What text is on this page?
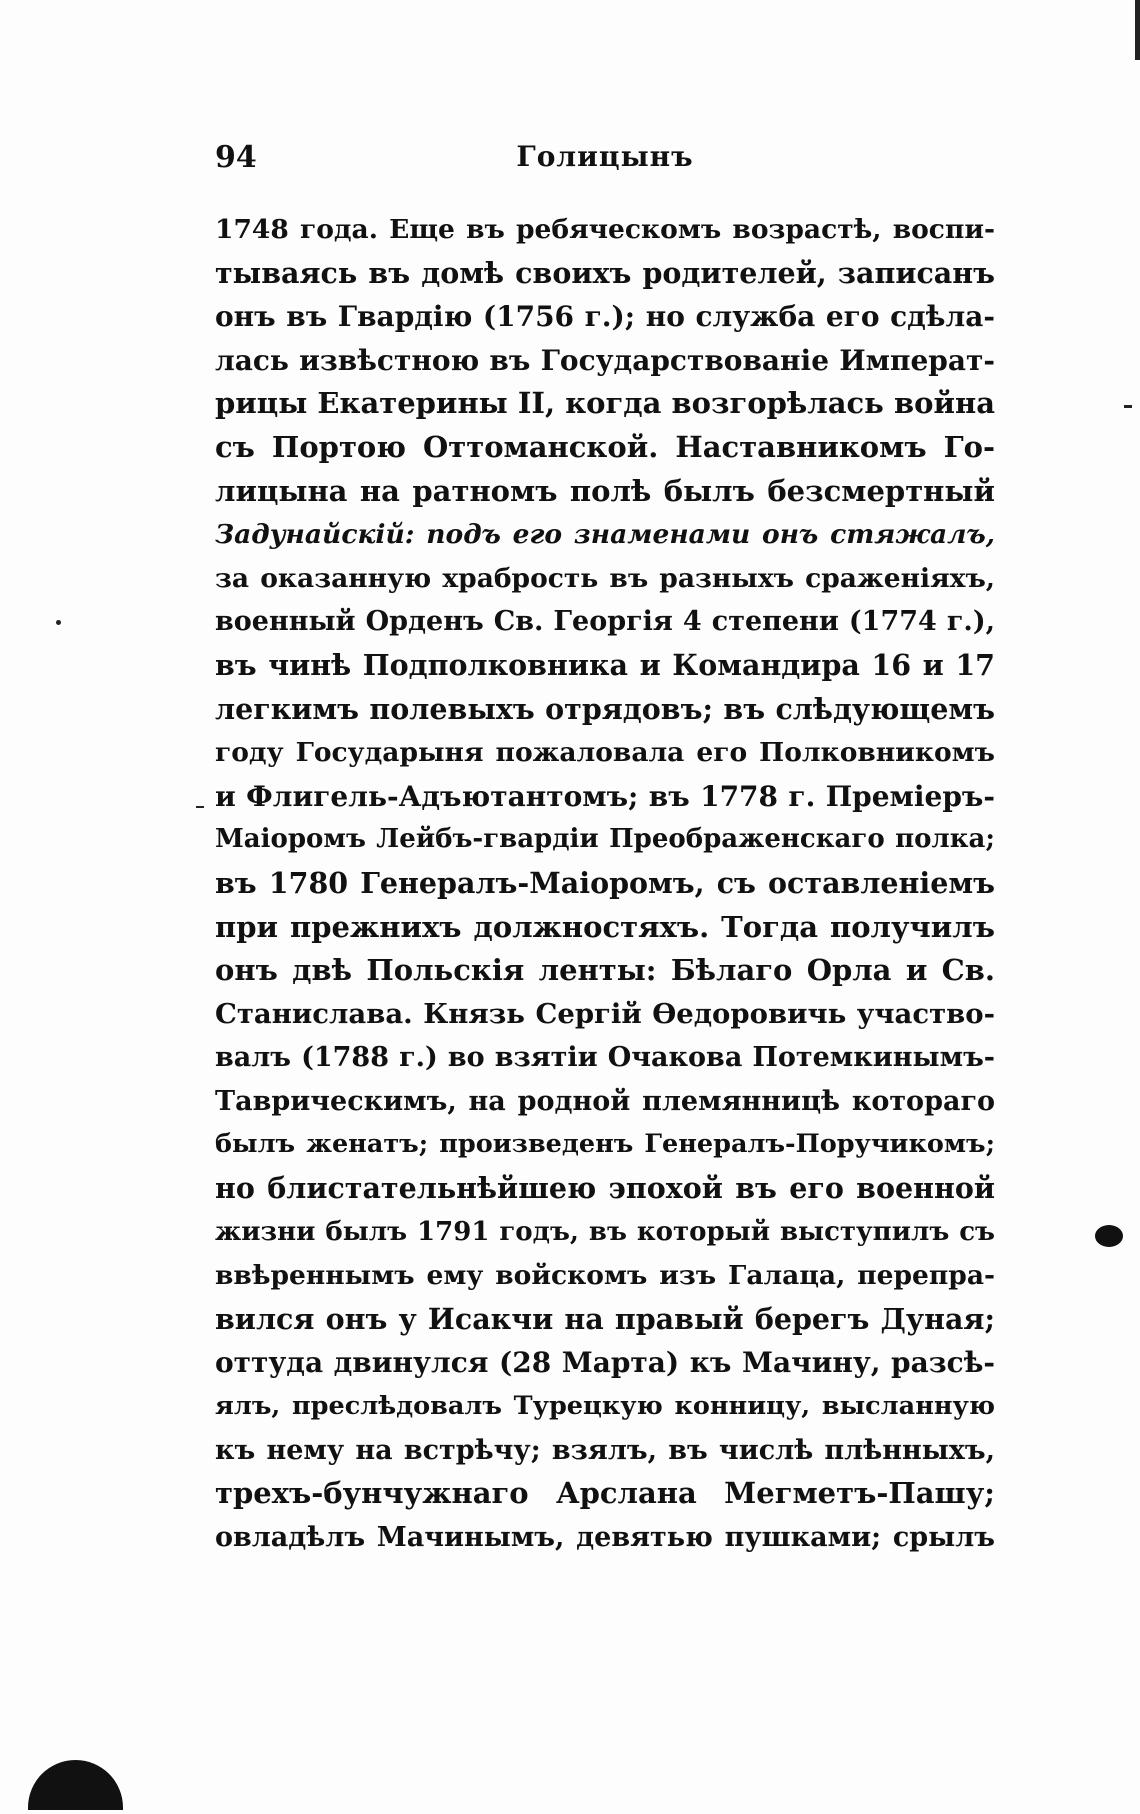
94	Голицынъ
1748 года. Еще въ ребяческомъ возрастѣ, воспи-
тываясь въ домѣ своихъ родителей, записанъ
онъ въ Гвардію (1756 г.); но служба его сдѣла-
лась извѣстною въ Государствованіе Императ-
рицы Екатерины II, когда возгорѣлась война
съ Портою Оттоманской. Наставникомъ Го-
лицына на ратномъ полѣ былъ безсмертный
Задунайскій: подъ его знаменами онъ стяжалъ,
за оказанную храбрость въ разныхъ сраженіяхъ,
военный Орденъ Св. Георгія 4 степени (1774 г.),
въ чинѣ Подполковника и Командира 16 и 17
легкимъ полевыхъ отрядовъ; въ слѣдующемъ
году Государыня пожаловала его Полковникомъ
и Флигель-Адъютантомъ; въ 1778 г. Премiеръ-
Маіоромъ Лейбъ-гвардіи Преображенскаго полка;
въ 1780 Генералъ-Маіоромъ, съ оставленіемъ
при прежнихъ должностяхъ. Тогда получилъ
онъ двѣ Польскія ленты: Бѣлаго Орла и Св.
Станислава. Князь Сергій Ѳедоровичь участво-
валъ (1788 г.) во взятіи Очакова Потемкинымъ-
Таврическимъ, на родной племянницѣ котораго
былъ женатъ; произведенъ Генералъ-Поручикомъ;
но блистательнѣйшею эпохой въ его военной
жизни былъ 1791 годъ, въ который выступилъ съ
ввѣреннымъ ему войскомъ изъ Галаца, перепра-
вился онъ у Исакчи на правый берегъ Дуная;
оттуда двинулся (28 Марта) къ Мачину, разсѣ-
ялъ, преслѣдовалъ Турецкую конницу, высланную
къ нему на встрѣчу; взялъ, въ числѣ плѣнныхъ,
трехъ-бунчужнаго Арслана Мегметъ-Пашу;
овладѣлъ Мачинымъ, девятью пушками; срылъ
